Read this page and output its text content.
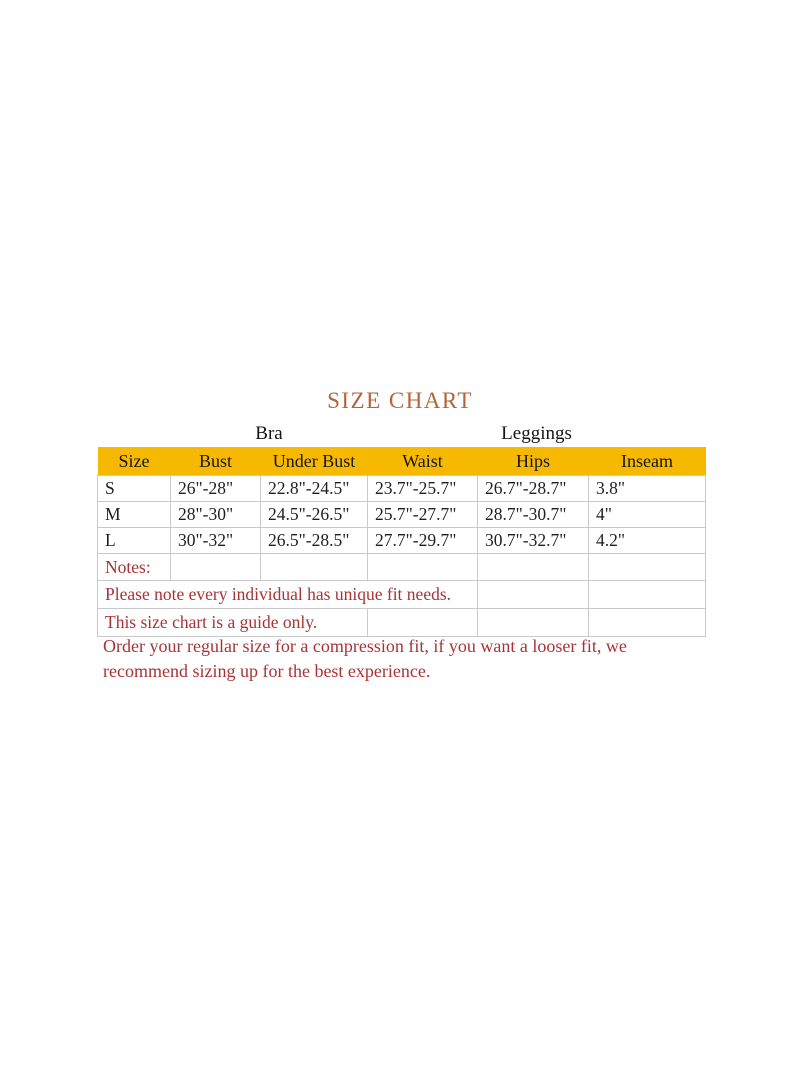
SIZE CHART
	Bra		Leggings		
Size	Bust	Under Bust	Waist	Hips	Inseam
S	26"-28"	22.8"-24.5"	23.7"-25.7"	26.7"-28.7"	3.8"
M	28"-30"	24.5"-26.5"	25.7"-27.7"	28.7"-30.7"	4"
L	30"-32"	26.5"-28.5"	27.7"-29.7"	30.7"-32.7"	4.2"
Notes:					
Please note every individual has unique fit needs.					
This size chart is a guide only.					

Order your regular size for a compression fit, if you want a looser fit, we
recommend sizing up for the best experience.
